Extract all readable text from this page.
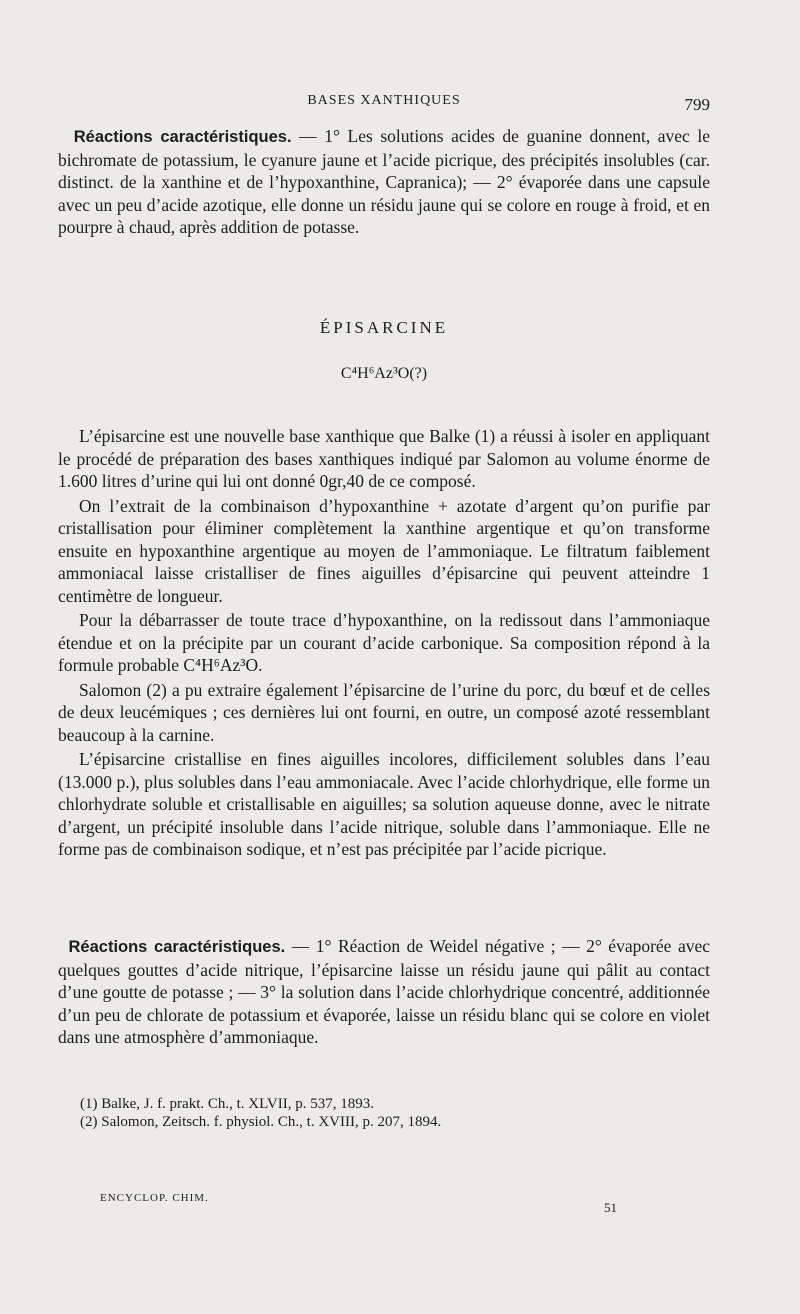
BASES XANTHIQUES	799

Réactions caractéristiques. — 1° Les solutions acides de guanine donnent, avec le bichromate de potassium, le cyanure jaune et l’acide picrique, des précipités insolubles (car. distinct. de la xanthine et de l’hypoxanthine, Capranica); — 2° évaporée dans une capsule avec un peu d’acide azotique, elle donne un résidu jaune qui se colore en rouge à froid, et en pourpre à chaud, après addition de potasse.

ÉPISARCINE
C⁴H⁶Az³O(?)

L’épisarcine est une nouvelle base xanthique que Balke (1) a réussi à isoler en appliquant le procédé de préparation des bases xanthiques indiqué par Salomon au volume énorme de 1.600 litres d’urine qui lui ont donné 0gr,40 de ce composé.

On l’extrait de la combinaison d’hypoxanthine + azotate d’argent qu’on purifie par cristallisation pour éliminer complètement la xanthine argentique et qu’on transforme ensuite en hypoxanthine argentique au moyen de l’ammoniaque. Le filtratum faiblement ammoniacal laisse cristalliser de fines aiguilles d’épisarcine qui peuvent atteindre 1 centimètre de longueur.

Pour la débarrasser de toute trace d’hypoxanthine, on la redissout dans l’ammoniaque étendue et on la précipite par un courant d’acide carbonique. Sa composition répond à la formule probable C⁴H⁶Az³O.

Salomon (2) a pu extraire également l’épisarcine de l’urine du porc, du bœuf et de celles de deux leucémiques ; ces dernières lui ont fourni, en outre, un composé azoté ressemblant beaucoup à la carnine.

L’épisarcine cristallise en fines aiguilles incolores, difficilement solubles dans l’eau (13.000 p.), plus solubles dans l’eau ammoniacale. Avec l’acide chlorhydrique, elle forme un chlorhydrate soluble et cristallisable en aiguilles; sa solution aqueuse donne, avec le nitrate d’argent, un précipité insoluble dans l’acide nitrique, soluble dans l’ammoniaque. Elle ne forme pas de combinaison sodique, et n’est pas précipitée par l’acide picrique.

Réactions caractéristiques. — 1° Réaction de Weidel négative ; — 2° évaporée avec quelques gouttes d’acide nitrique, l’épisarcine laisse un résidu jaune qui pâlit au contact d’une goutte de potasse ; — 3° la solution dans l’acide chlorhydrique concentré, additionnée d’un peu de chlorate de potassium et évaporée, laisse un résidu blanc qui se colore en violet dans une atmosphère d’ammoniaque.

(1) Balke, J. f. prakt. Ch., t. XLVII, p. 537, 1893.

(2) Salomon, Zeitsch. f. physiol. Ch., t. XVIII, p. 207, 1894.

ENCYCLOP. CHIM.
51
